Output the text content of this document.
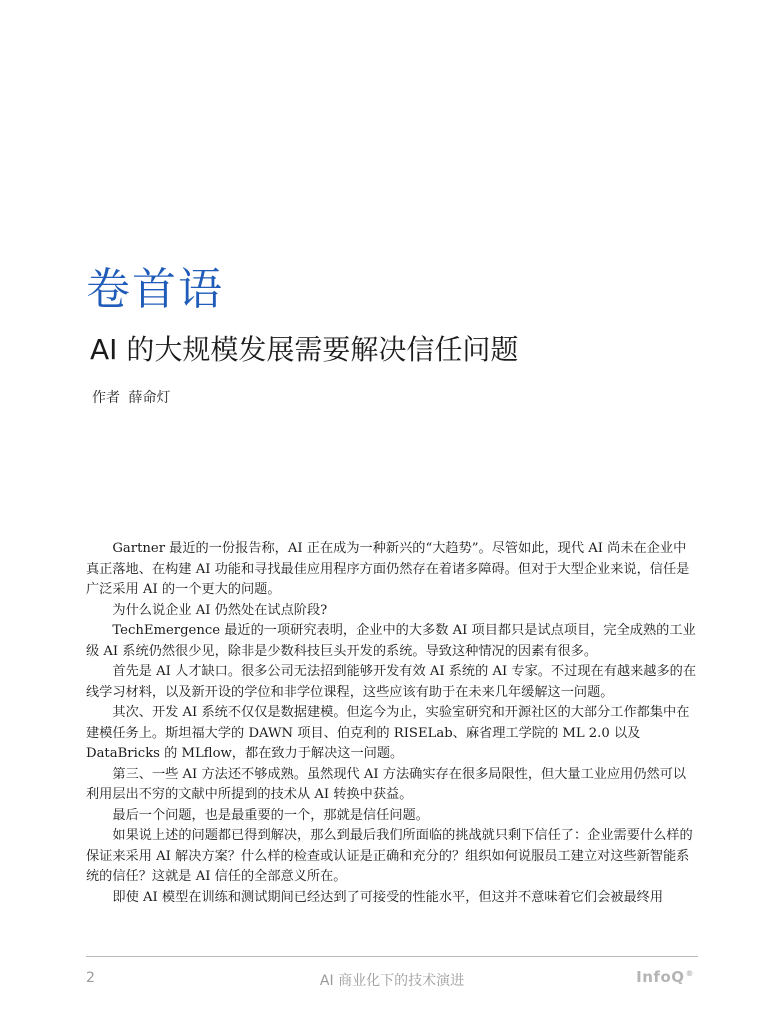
卷首语
AI 的大规模发展需要解决信任问题
作者 薛命灯

Gartner 最近的一份报告称，AI 正在成为一种新兴的“大趋势”。尽管如此，现代 AI 尚未在企业中真正落地、在构建 AI 功能和寻找最佳应用程序方面仍然存在着诸多障碍。但对于大型企业来说，信任是广泛采用 AI 的一个更大的问题。

为什么说企业 AI 仍然处在试点阶段?

TechEmergence 最近的一项研究表明，企业中的大多数 AI 项目都只是试点项目，完全成熟的工业级 AI 系统仍然很少见，除非是少数科技巨头开发的系统。导致这种情况的因素有很多。

首先是 AI 人才缺口。很多公司无法招到能够开发有效 AI 系统的 AI 专家。不过现在有越来越多的在线学习材料，以及新开设的学位和非学位课程，这些应该有助于在未来几年缓解这一问题。

其次、开发 AI 系统不仅仅是数据建模。但迄今为止，实验室研究和开源社区的大部分工作都集中在建模任务上。斯坦福大学的 DAWN 项目、伯克利的 RISELab、麻省理工学院的 ML 2.0 以及 DataBricks 的 MLflow，都在致力于解决这一问题。

第三、一些 AI 方法还不够成熟。虽然现代 AI 方法确实存在很多局限性，但大量工业应用仍然可以利用层出不穷的文献中所提到的技术从 AI 转换中获益。

最后一个问题，也是最重要的一个，那就是信任问题。

如果说上述的问题都已得到解决，那么到最后我们所面临的挑战就只剩下信任了：企业需要什么样的保证来采用 AI 解决方案？什么样的检查或认证是正确和充分的？组织如何说服员工建立对这些新智能系统的信任？这就是 AI 信任的全部意义所在。

即使 AI 模型在训练和测试期间已经达到了可接受的性能水平，但这并不意味着它们会被最终用

2	AI 商业化下的技术演进	InfoQ®
